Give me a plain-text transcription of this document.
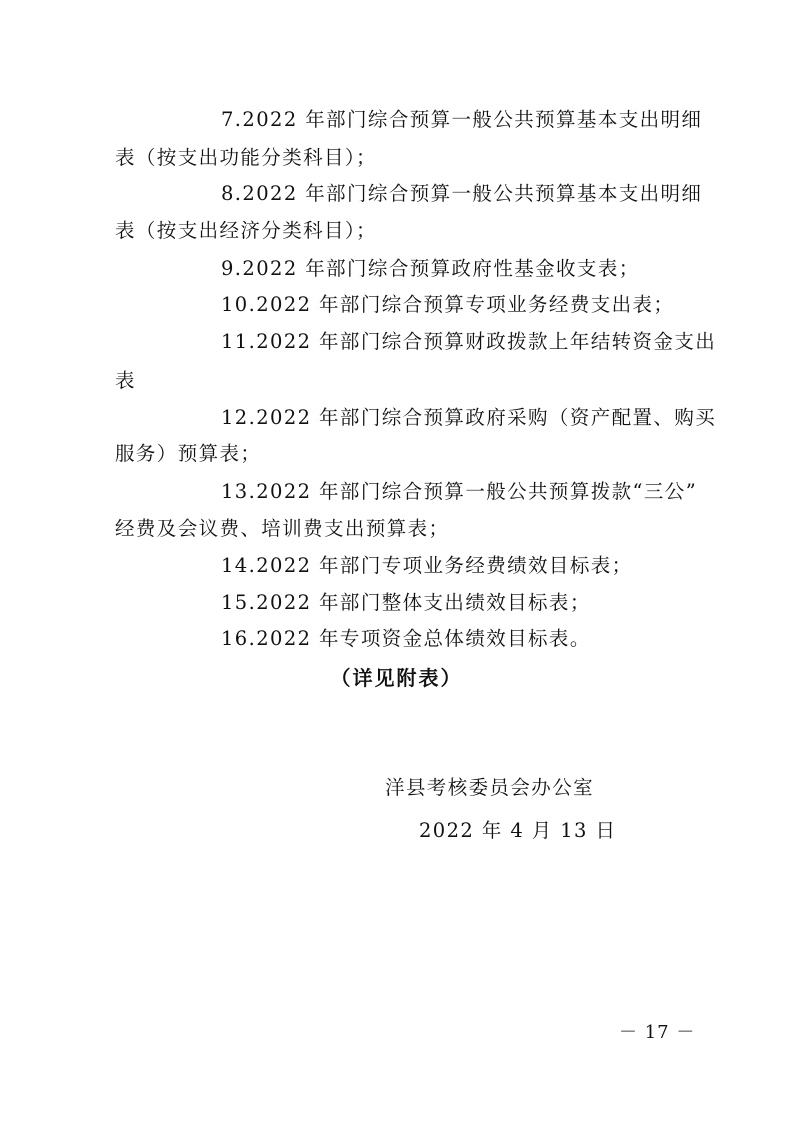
7.2022 年部门综合预算一般公共预算基本支出明细
表（按支出功能分类科目）；
8.2022 年部门综合预算一般公共预算基本支出明细
表（按支出经济分类科目）；
9.2022 年部门综合预算政府性基金收支表；
10.2022 年部门综合预算专项业务经费支出表；
11.2022 年部门综合预算财政拨款上年结转资金支出
表
12.2022 年部门综合预算政府采购（资产配置、购买
服务）预算表；
13.2022 年部门综合预算一般公共预算拨款“三公”
经费及会议费、培训费支出预算表；
14.2022 年部门专项业务经费绩效目标表；
15.2022 年部门整体支出绩效目标表；
16.2022 年专项资金总体绩效目标表。
（详见附表）
洋县考核委员会办公室
2022 年 4 月 13 日
－ 17 －
